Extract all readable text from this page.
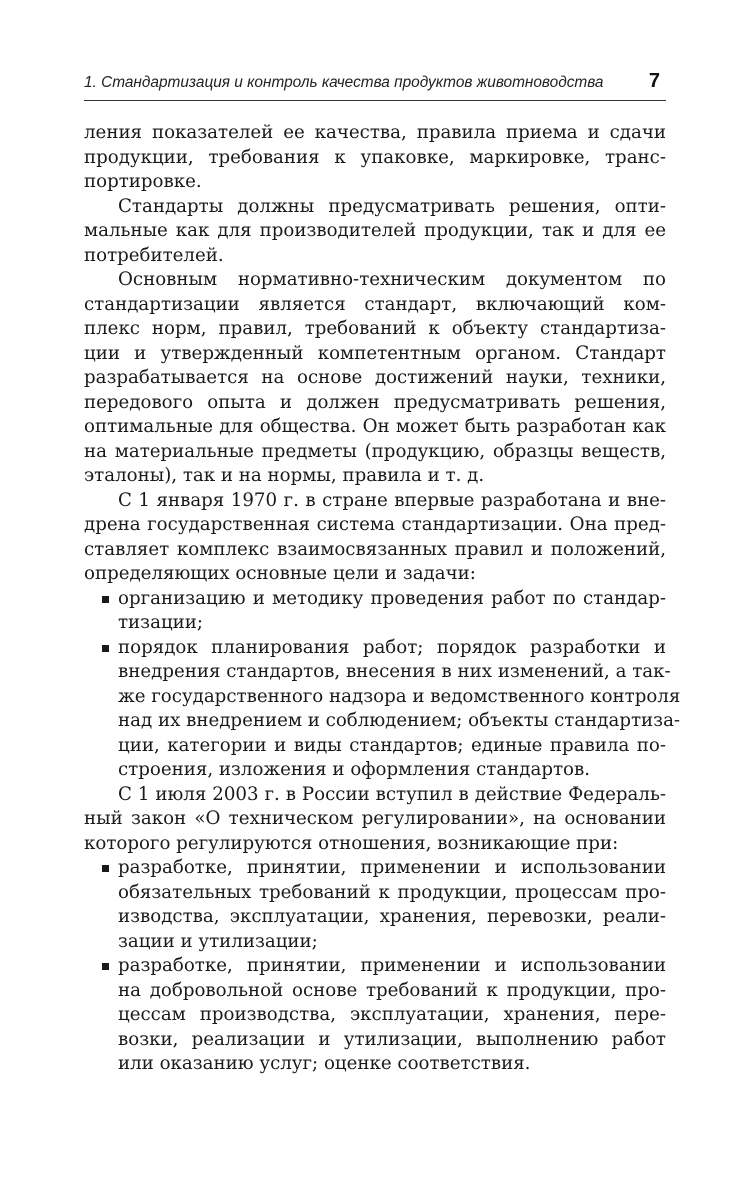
1. Стандартизация и контроль качества продуктов животноводства 7
ления показателей ее качества, правила приема и сдачи
продукции, требования к упаковке, маркировке, транс-
портировке.
Стандарты должны предусматривать решения, опти-
мальные как для производителей продукции, так и для ее
потребителей.
Основным нормативно-техническим документом по
стандартизации является стандарт, включающий ком-
плекс норм, правил, требований к объекту стандартиза-
ции и утвержденный компетентным органом. Стандарт
разрабатывается на основе достижений науки, техники,
передового опыта и должен предусматривать решения,
оптимальные для общества. Он может быть разработан как
на материальные предметы (продукцию, образцы веществ,
эталоны), так и на нормы, правила и т. д.
С 1 января 1970 г. в стране впервые разработана и вне-
дрена государственная система стандартизации. Она пред-
ставляет комплекс взаимосвязанных правил и положений,
определяющих основные цели и задачи:
организацию и методику проведения работ по стандар-
тизации;
порядок планирования работ; порядок разработки и
внедрения стандартов, внесения в них изменений, а так-
же государственного надзора и ведомственного контроля
над их внедрением и соблюдением; объекты стандартиза-
ции, категории и виды стандартов; единые правила по-
строения, изложения и оформления стандартов.
С 1 июля 2003 г. в России вступил в действие Федераль-
ный закон «О техническом регулировании», на основании
которого регулируются отношения, возникающие при:
разработке, принятии, применении и использовании
обязательных требований к продукции, процессам про-
изводства, эксплуатации, хранения, перевозки, реали-
зации и утилизации;
разработке, принятии, применении и использовании
на добровольной основе требований к продукции, про-
цессам производства, эксплуатации, хранения, пере-
возки, реализации и утилизации, выполнению работ
или оказанию услуг; оценке соответствия.
